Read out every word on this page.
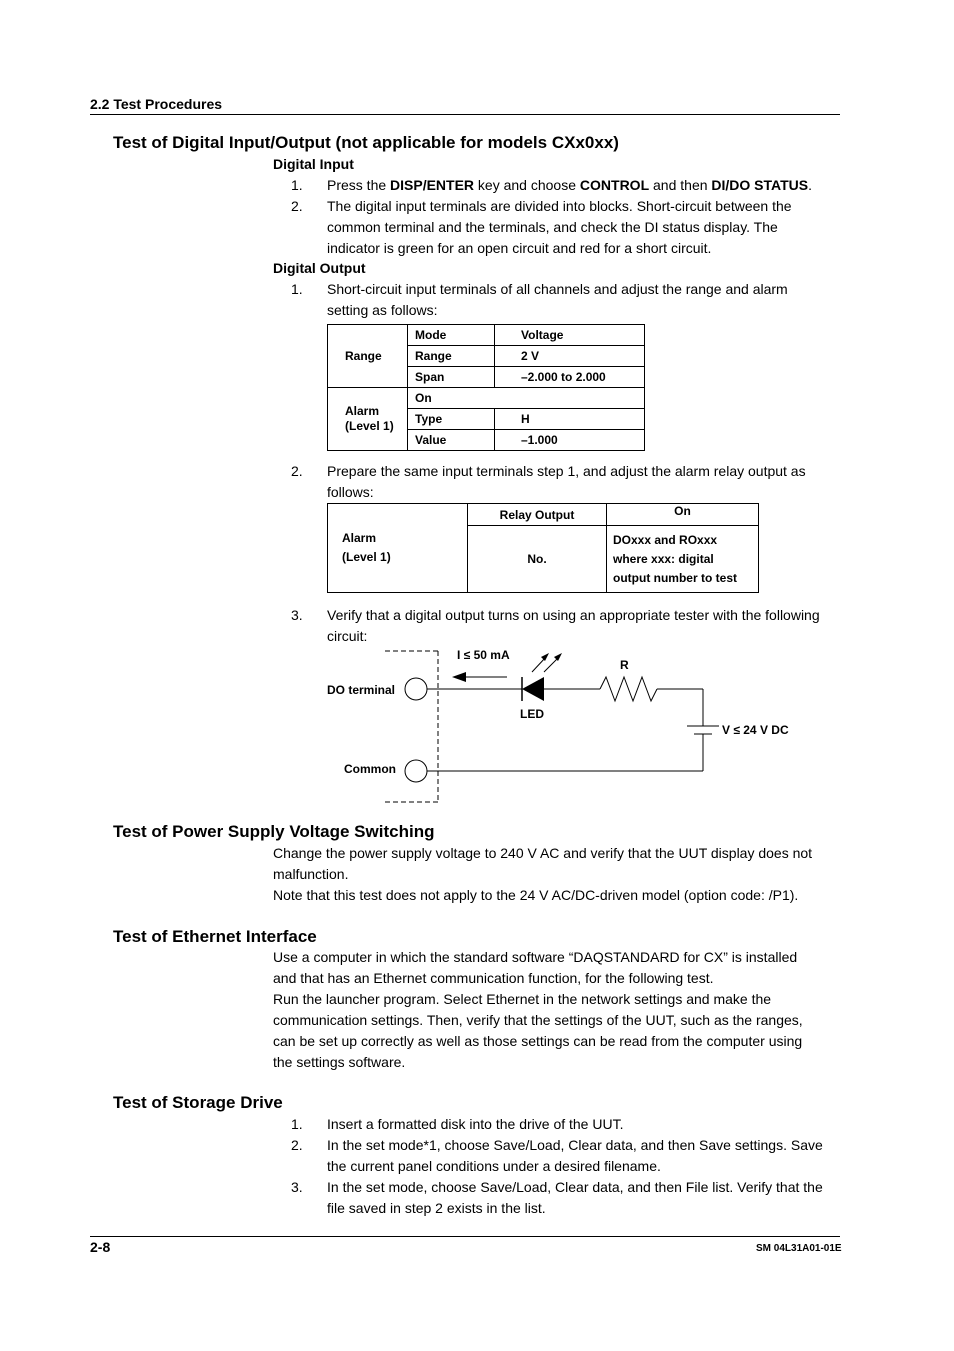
2.2 Test Procedures
Test of Digital Input/Output (not applicable for models CXx0xx)
Digital Input
1. Press the DISP/ENTER key and choose CONTROL and then DI/DO STATUS.
2. The digital input terminals are divided into blocks. Short-circuit between the
common terminal and the terminals, and check the DI status display. The
indicator is green for an open circuit and red for a short circuit.
Digital Output
1. Short-circuit input terminals of all channels and adjust the range and alarm
setting as follows:
Range	Mode	Voltage
	Range	2 V
	Span	–2.000 to 2.000

Alarm
(Level 1)	On	
	Type	H
	Value	–1.000
2. Prepare the same input terminals step 1, and adjust the alarm relay output as
follows:
Alarm
(Level 1)	Relay Output	On
	No.	DOxxx and ROxxx
where xxx: digital
output number to test
3. Verify that a digital output turns on using an appropriate tester with the following
circuit:
I ≤ 50 mA
R
LED
DO terminal
Common
V ≤ 24 V DC
Test of Power Supply Voltage Switching
Change the power supply voltage to 240 V AC and verify that the UUT display does not
malfunction.
Note that this test does not apply to the 24 V AC/DC-driven model (option code: /P1).
Test of Ethernet Interface
Use a computer in which the standard software “DAQSTANDARD for CX” is installed
and that has an Ethernet communication function, for the following test.
Run the launcher program. Select Ethernet in the network settings and make the
communication settings. Then, verify that the settings of the UUT, such as the ranges,
can be set up correctly as well as those settings can be read from the computer using
the settings software.
Test of Storage Drive
1. Insert a formatted disk into the drive of the UUT.
2. In the set mode*1, choose Save/Load, Clear data, and then Save settings. Save
the current panel conditions under a desired filename.
3. In the set mode, choose Save/Load, Clear data, and then File list. Verify that the
file saved in step 2 exists in the list.
2-8	SM 04L31A01-01E
